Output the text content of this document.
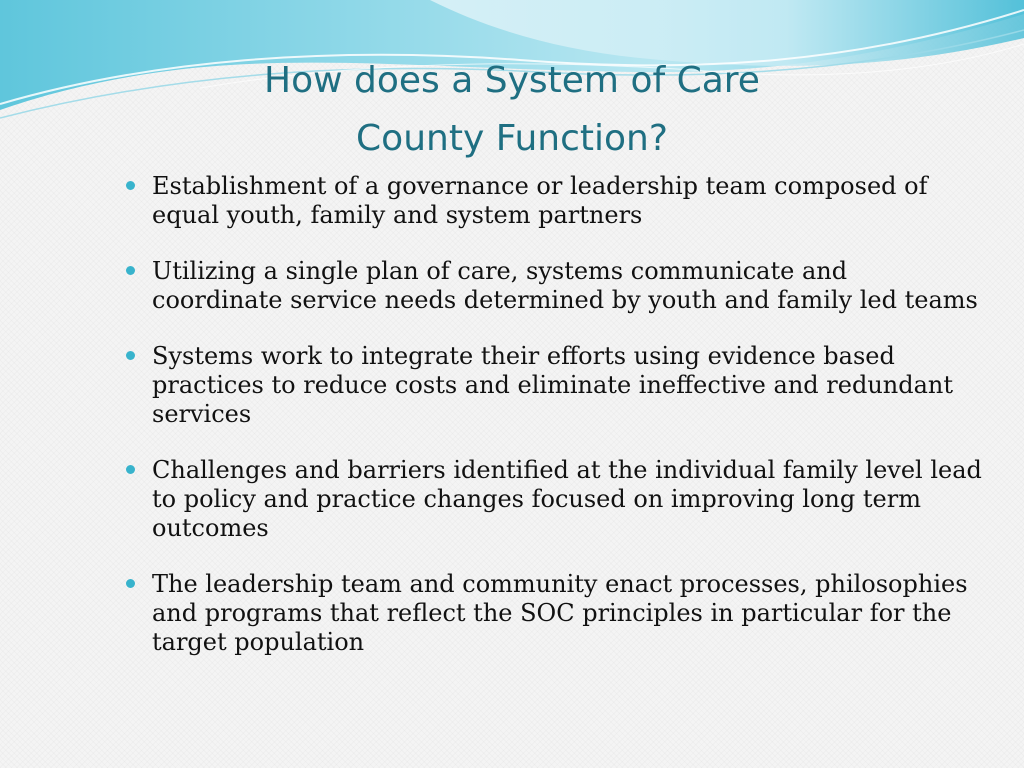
How does a System of Care
County Function?
Establishment of a governance or leadership team composed of equal youth, family and system partners
Utilizing a single plan of care, systems communicate and coordinate service needs determined by youth and family led teams
Systems work to integrate their efforts using evidence based practices to reduce costs and eliminate ineffective and redundant services
Challenges and barriers identified at the individual family level lead to policy and practice changes focused on improving long term outcomes
The leadership team and community enact processes, philosophies and programs that reflect the SOC principles in particular for the target population
